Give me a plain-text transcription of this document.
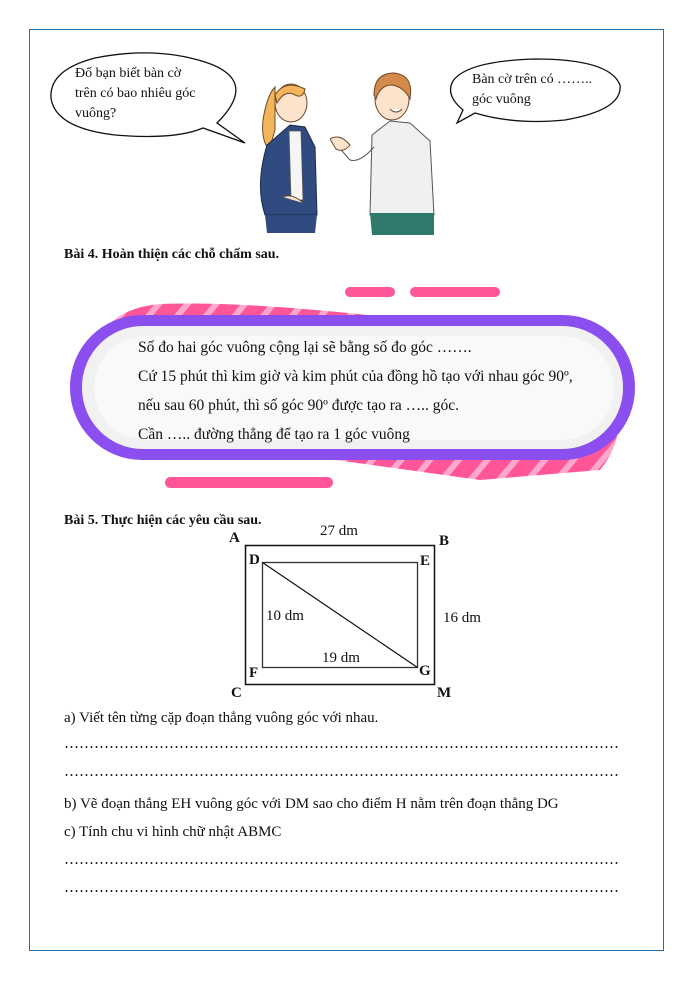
Đố bạn biết bàn cờ
trên có bao nhiêu góc
vuông?
Bàn cờ trên có ……..
góc vuông
Bài 4. Hoàn thiện các chỗ chấm sau.
Số đo hai góc vuông cộng lại sẽ bằng số đo góc …….
Cứ 15 phút thì kim giờ và kim phút của đồng hồ tạo với nhau góc 90º,
nếu sau 60 phút, thì số góc 90º được tạo ra ….. góc.
Cần ….. đường thẳng để tạo ra 1 góc vuông
Bài 5. Thực hiện các yêu cầu sau.
A	B
C	M
D	E
F	G
27 dm
16 dm
10 dm
19 dm
a) Viết tên từng cặp đoạn thẳng vuông góc với nhau.
b) Vẽ đoạn thẳng EH vuông góc với DM sao cho điểm H nằm trên đoạn thẳng DG
c) Tính chu vi hình chữ nhật ABMC
